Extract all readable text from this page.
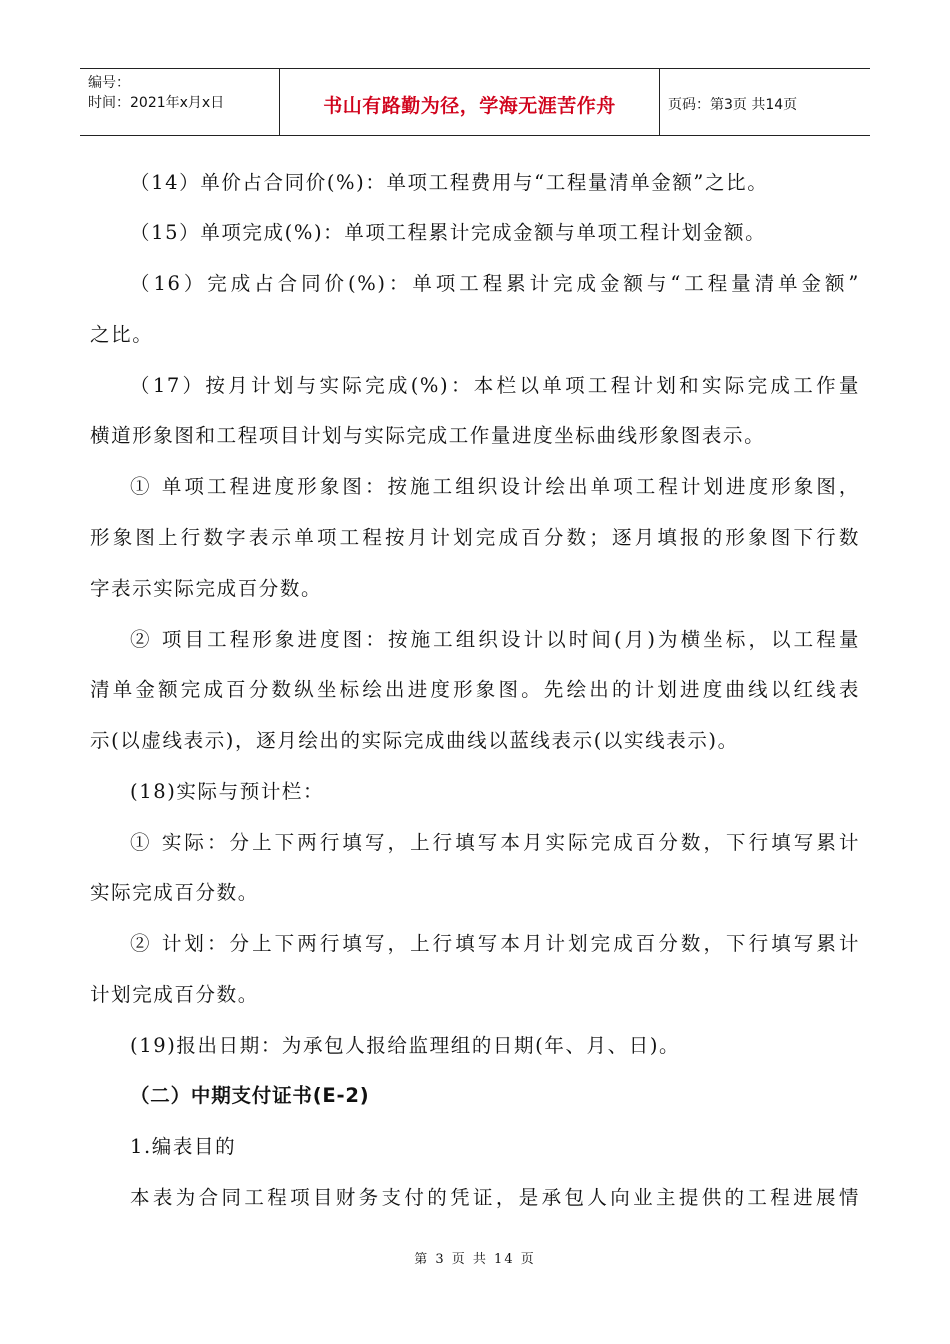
编号：
时间：2021年x月x日	书山有路勤为径，学海无涯苦作舟	页码：第3页 共14页
（14）单价占合同价(%)：单项工程费用与“工程量清单金额”之比。
（15）单项完成(%)：单项工程累计完成金额与单项工程计划金额。
（16）完成占合同价(%)：单项工程累计完成金额与“工程量清单金额”
之比。
（17）按月计划与实际完成(%)：本栏以单项工程计划和实际完成工作量
横道形象图和工程项目计划与实际完成工作量进度坐标曲线形象图表示。
① 单项工程进度形象图：按施工组织设计绘出单项工程计划进度形象图，
形象图上行数字表示单项工程按月计划完成百分数；逐月填报的形象图下行数
字表示实际完成百分数。
② 项目工程形象进度图：按施工组织设计以时间(月)为横坐标，以工程量
清单金额完成百分数纵坐标绘出进度形象图。先绘出的计划进度曲线以红线表
示(以虚线表示)，逐月绘出的实际完成曲线以蓝线表示(以实线表示)。
(18)实际与预计栏：
① 实际：分上下两行填写，上行填写本月实际完成百分数，下行填写累计
实际完成百分数。
② 计划：分上下两行填写，上行填写本月计划完成百分数，下行填写累计
计划完成百分数。
(19)报出日期：为承包人报给监理组的日期(年、月、日)。
（二）中期支付证书(E-2)
1.编表目的
本表为合同工程项目财务支付的凭证，是承包人向业主提供的工程进展情
第 3 页 共 14 页
